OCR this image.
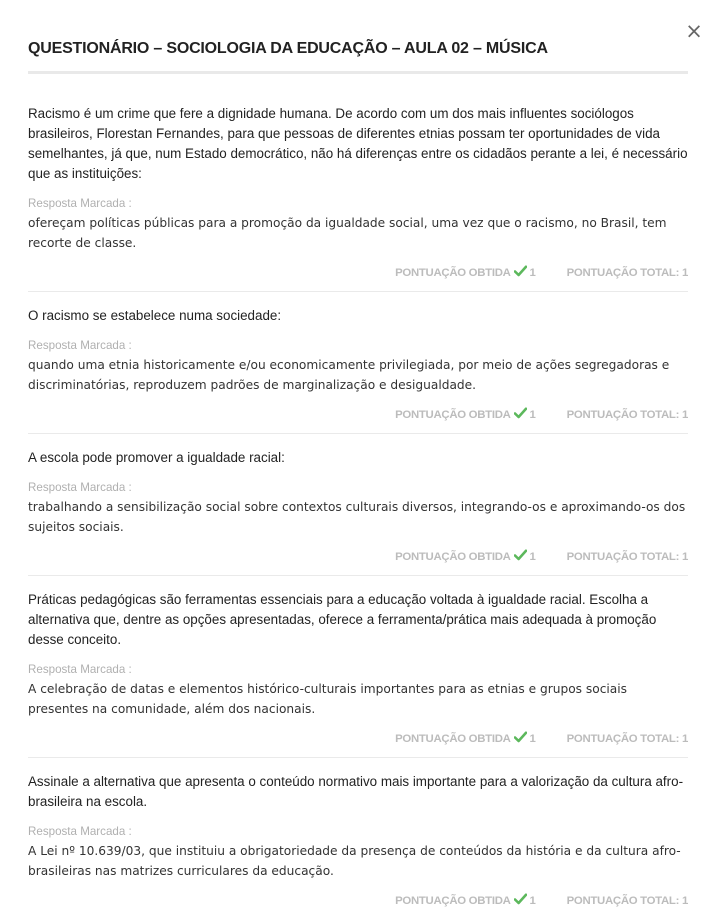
×
QUESTIONÁRIO – SOCIOLOGIA DA EDUCAÇÃO – AULA 02 – MÚSICA

Racismo é um crime que fere a dignidade humana. De acordo com um dos mais influentes sociólogos brasileiros, Florestan Fernandes, para que pessoas de diferentes etnias possam ter oportunidades de vida semelhantes, já que, num Estado democrático, não há diferenças entre os cidadãos perante a lei, é necessário que as instituições:

Resposta Marcada :
ofereçam políticas públicas para a promoção da igualdade social, uma vez que o racismo, no Brasil, tem recorte de classe.
PONTUAÇÃO OBTIDA 1	PONTUAÇÃO TOTAL: 1

O racismo se estabelece numa sociedade:

Resposta Marcada :
quando uma etnia historicamente e/ou economicamente privilegiada, por meio de ações segregadoras e discriminatórias, reproduzem padrões de marginalização e desigualdade.
PONTUAÇÃO OBTIDA 1	PONTUAÇÃO TOTAL: 1

A escola pode promover a igualdade racial:

Resposta Marcada :
trabalhando a sensibilização social sobre contextos culturais diversos, integrando-os e aproximando-os dos sujeitos sociais.
PONTUAÇÃO OBTIDA 1	PONTUAÇÃO TOTAL: 1

Práticas pedagógicas são ferramentas essenciais para a educação voltada à igualdade racial. Escolha a alternativa que, dentre as opções apresentadas, oferece a ferramenta/prática mais adequada à promoção desse conceito.

Resposta Marcada :
A celebração de datas e elementos histórico-culturais importantes para as etnias e grupos sociais presentes na comunidade, além dos nacionais.
PONTUAÇÃO OBTIDA 1	PONTUAÇÃO TOTAL: 1

Assinale a alternativa que apresenta o conteúdo normativo mais importante para a valorização da cultura afro-brasileira na escola.

Resposta Marcada :
A Lei nº 10.639/03, que instituiu a obrigatoriedade da presença de conteúdos da história e da cultura afro-brasileiras nas matrizes curriculares da educação.
PONTUAÇÃO OBTIDA 1	PONTUAÇÃO TOTAL: 1
